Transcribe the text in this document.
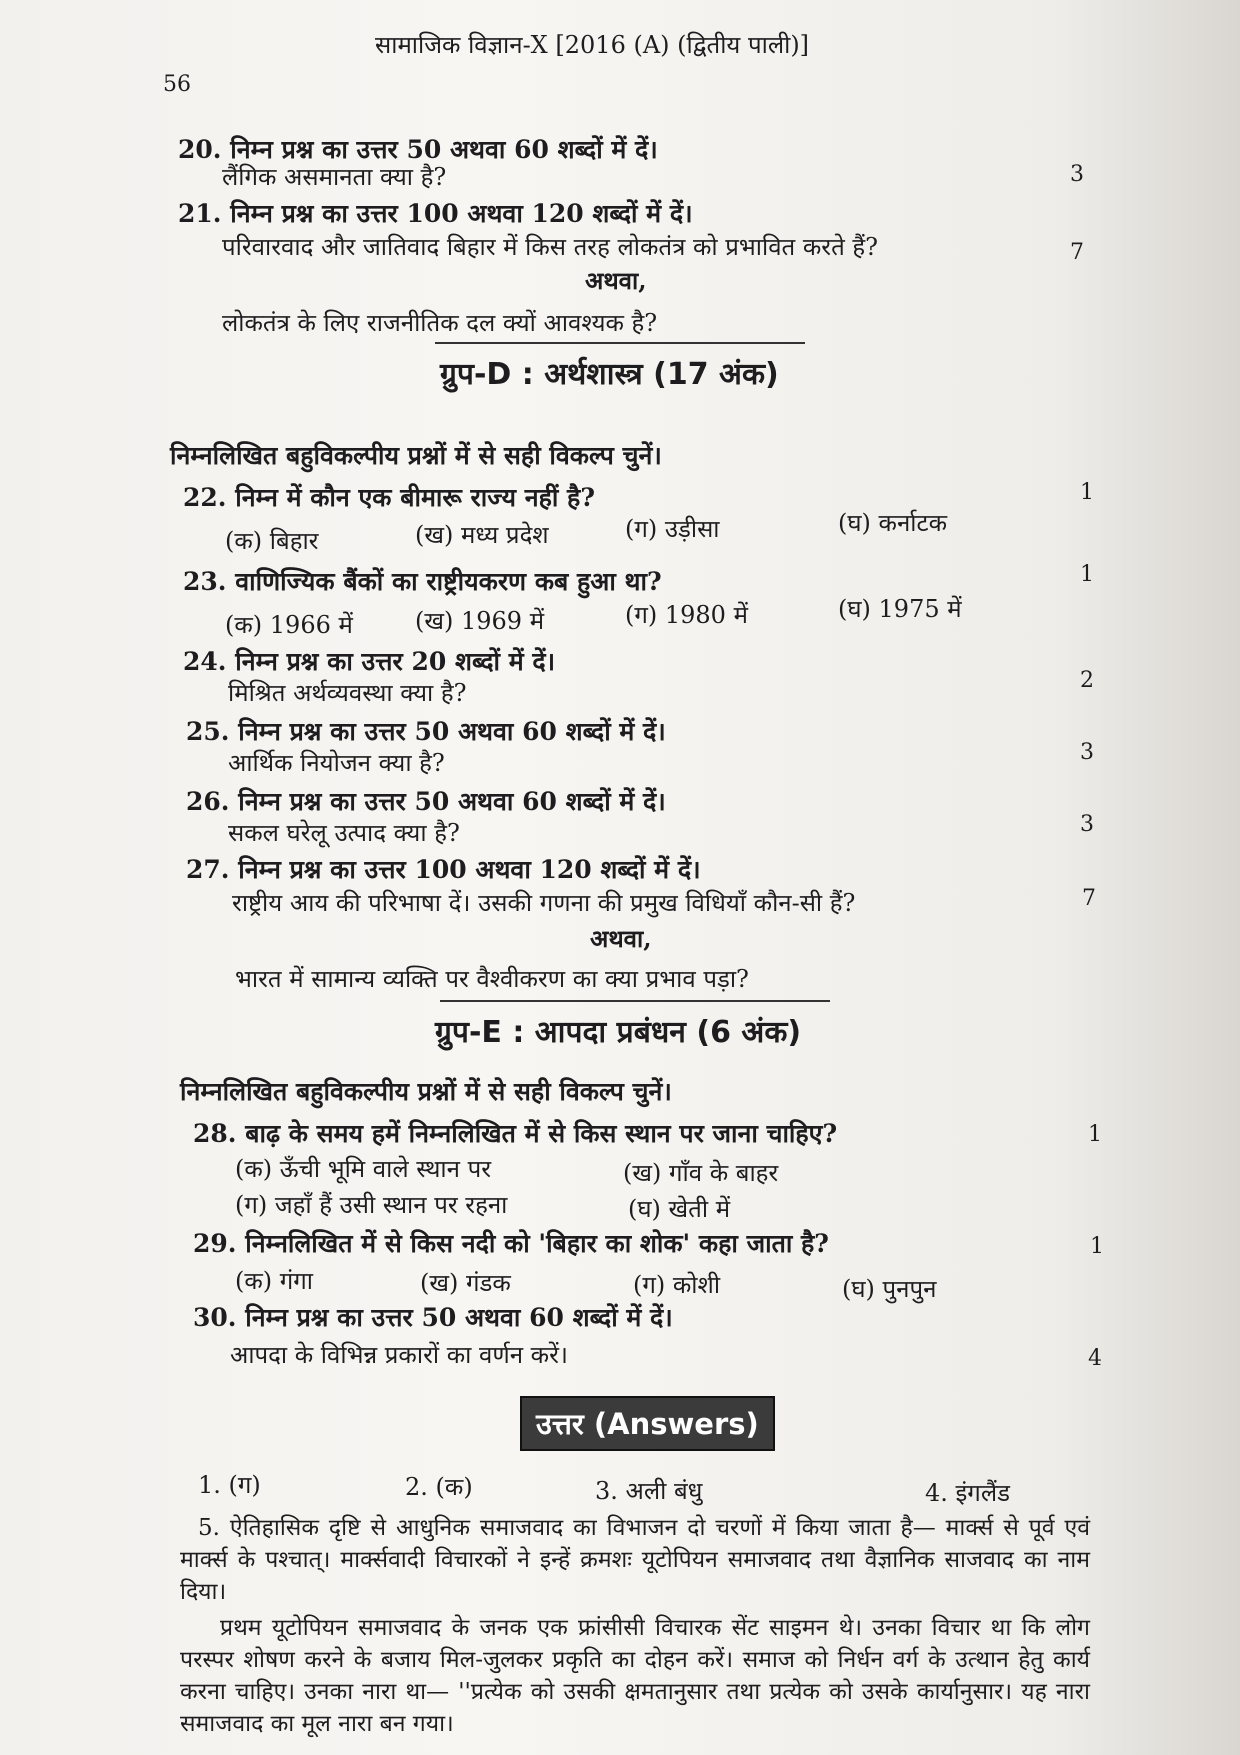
56
सामाजिक विज्ञान-X [2016 (A) (द्वितीय पाली)]
20. निम्न प्रश्न का उत्तर 50 अथवा 60 शब्दों में दें।
लैंगिक असमानता क्या है?	3
21. निम्न प्रश्न का उत्तर 100 अथवा 120 शब्दों में दें।
परिवारवाद और जातिवाद बिहार में किस तरह लोकतंत्र को प्रभावित करते हैं?	7
अथवा,
लोकतंत्र के लिए राजनीतिक दल क्यों आवश्यक है?
ग्रुप-D : अर्थशास्त्र (17 अंक)
निम्नलिखित बहुविकल्पीय प्रश्नों में से सही विकल्प चुनें।
22. निम्न में कौन एक बीमारू राज्य नहीं है?	1
(क) बिहार	(ख) मध्य प्रदेश	(ग) उड़ीसा	(घ) कर्नाटक
23. वाणिज्यिक बैंकों का राष्ट्रीयकरण कब हुआ था?	1
(क) 1966 में	(ख) 1969 में	(ग) 1980 में	(घ) 1975 में
24. निम्न प्रश्न का उत्तर 20 शब्दों में दें।
मिश्रित अर्थव्यवस्था क्या है?	2
25. निम्न प्रश्न का उत्तर 50 अथवा 60 शब्दों में दें।
आर्थिक नियोजन क्या है?	3
26. निम्न प्रश्न का उत्तर 50 अथवा 60 शब्दों में दें।
सकल घरेलू उत्पाद क्या है?	3
27. निम्न प्रश्न का उत्तर 100 अथवा 120 शब्दों में दें।
राष्ट्रीय आय की परिभाषा दें। उसकी गणना की प्रमुख विधियाँ कौन-सी हैं?	7
अथवा,
भारत में सामान्य व्यक्ति पर वैश्वीकरण का क्या प्रभाव पड़ा?
ग्रुप-E : आपदा प्रबंधन (6 अंक)
निम्नलिखित बहुविकल्पीय प्रश्नों में से सही विकल्प चुनें।
28. बाढ़ के समय हमें निम्नलिखित में से किस स्थान पर जाना चाहिए?	1
(क) ऊँची भूमि वाले स्थान पर	(ख) गाँव के बाहर
(ग) जहाँ हैं उसी स्थान पर रहना	(घ) खेती में
29. निम्नलिखित में से किस नदी को 'बिहार का शोक' कहा जाता है?	1
(क) गंगा	(ख) गंडक	(ग) कोशी	(घ) पुनपुन
30. निम्न प्रश्न का उत्तर 50 अथवा 60 शब्दों में दें।
आपदा के विभिन्न प्रकारों का वर्णन करें।	4
उत्तर (Answers)
1. (ग)	2. (क)	3. अली बंधु	4. इंगलैंड
5. ऐतिहासिक दृष्टि से आधुनिक समाजवाद का विभाजन दो चरणों में किया जाता है— मार्क्स से पूर्व एवं मार्क्स के पश्चात्। मार्क्सवादी विचारकों ने इन्हें क्रमशः यूटोपियन समाजवाद तथा वैज्ञानिक साजवाद का नाम दिया।
प्रथम यूटोपियन समाजवाद के जनक एक फ्रांसीसी विचारक सेंट साइमन थे। उनका विचार था कि लोग परस्पर शोषण करने के बजाय मिल-जुलकर प्रकृति का दोहन करें। समाज को निर्धन वर्ग के उत्थान हेतु कार्य करना चाहिए। उनका नारा था— ''प्रत्येक को उसकी क्षमतानुसार तथा प्रत्येक को उसके कार्यानुसार। यह नारा समाजवाद का मूल नारा बन गया।
